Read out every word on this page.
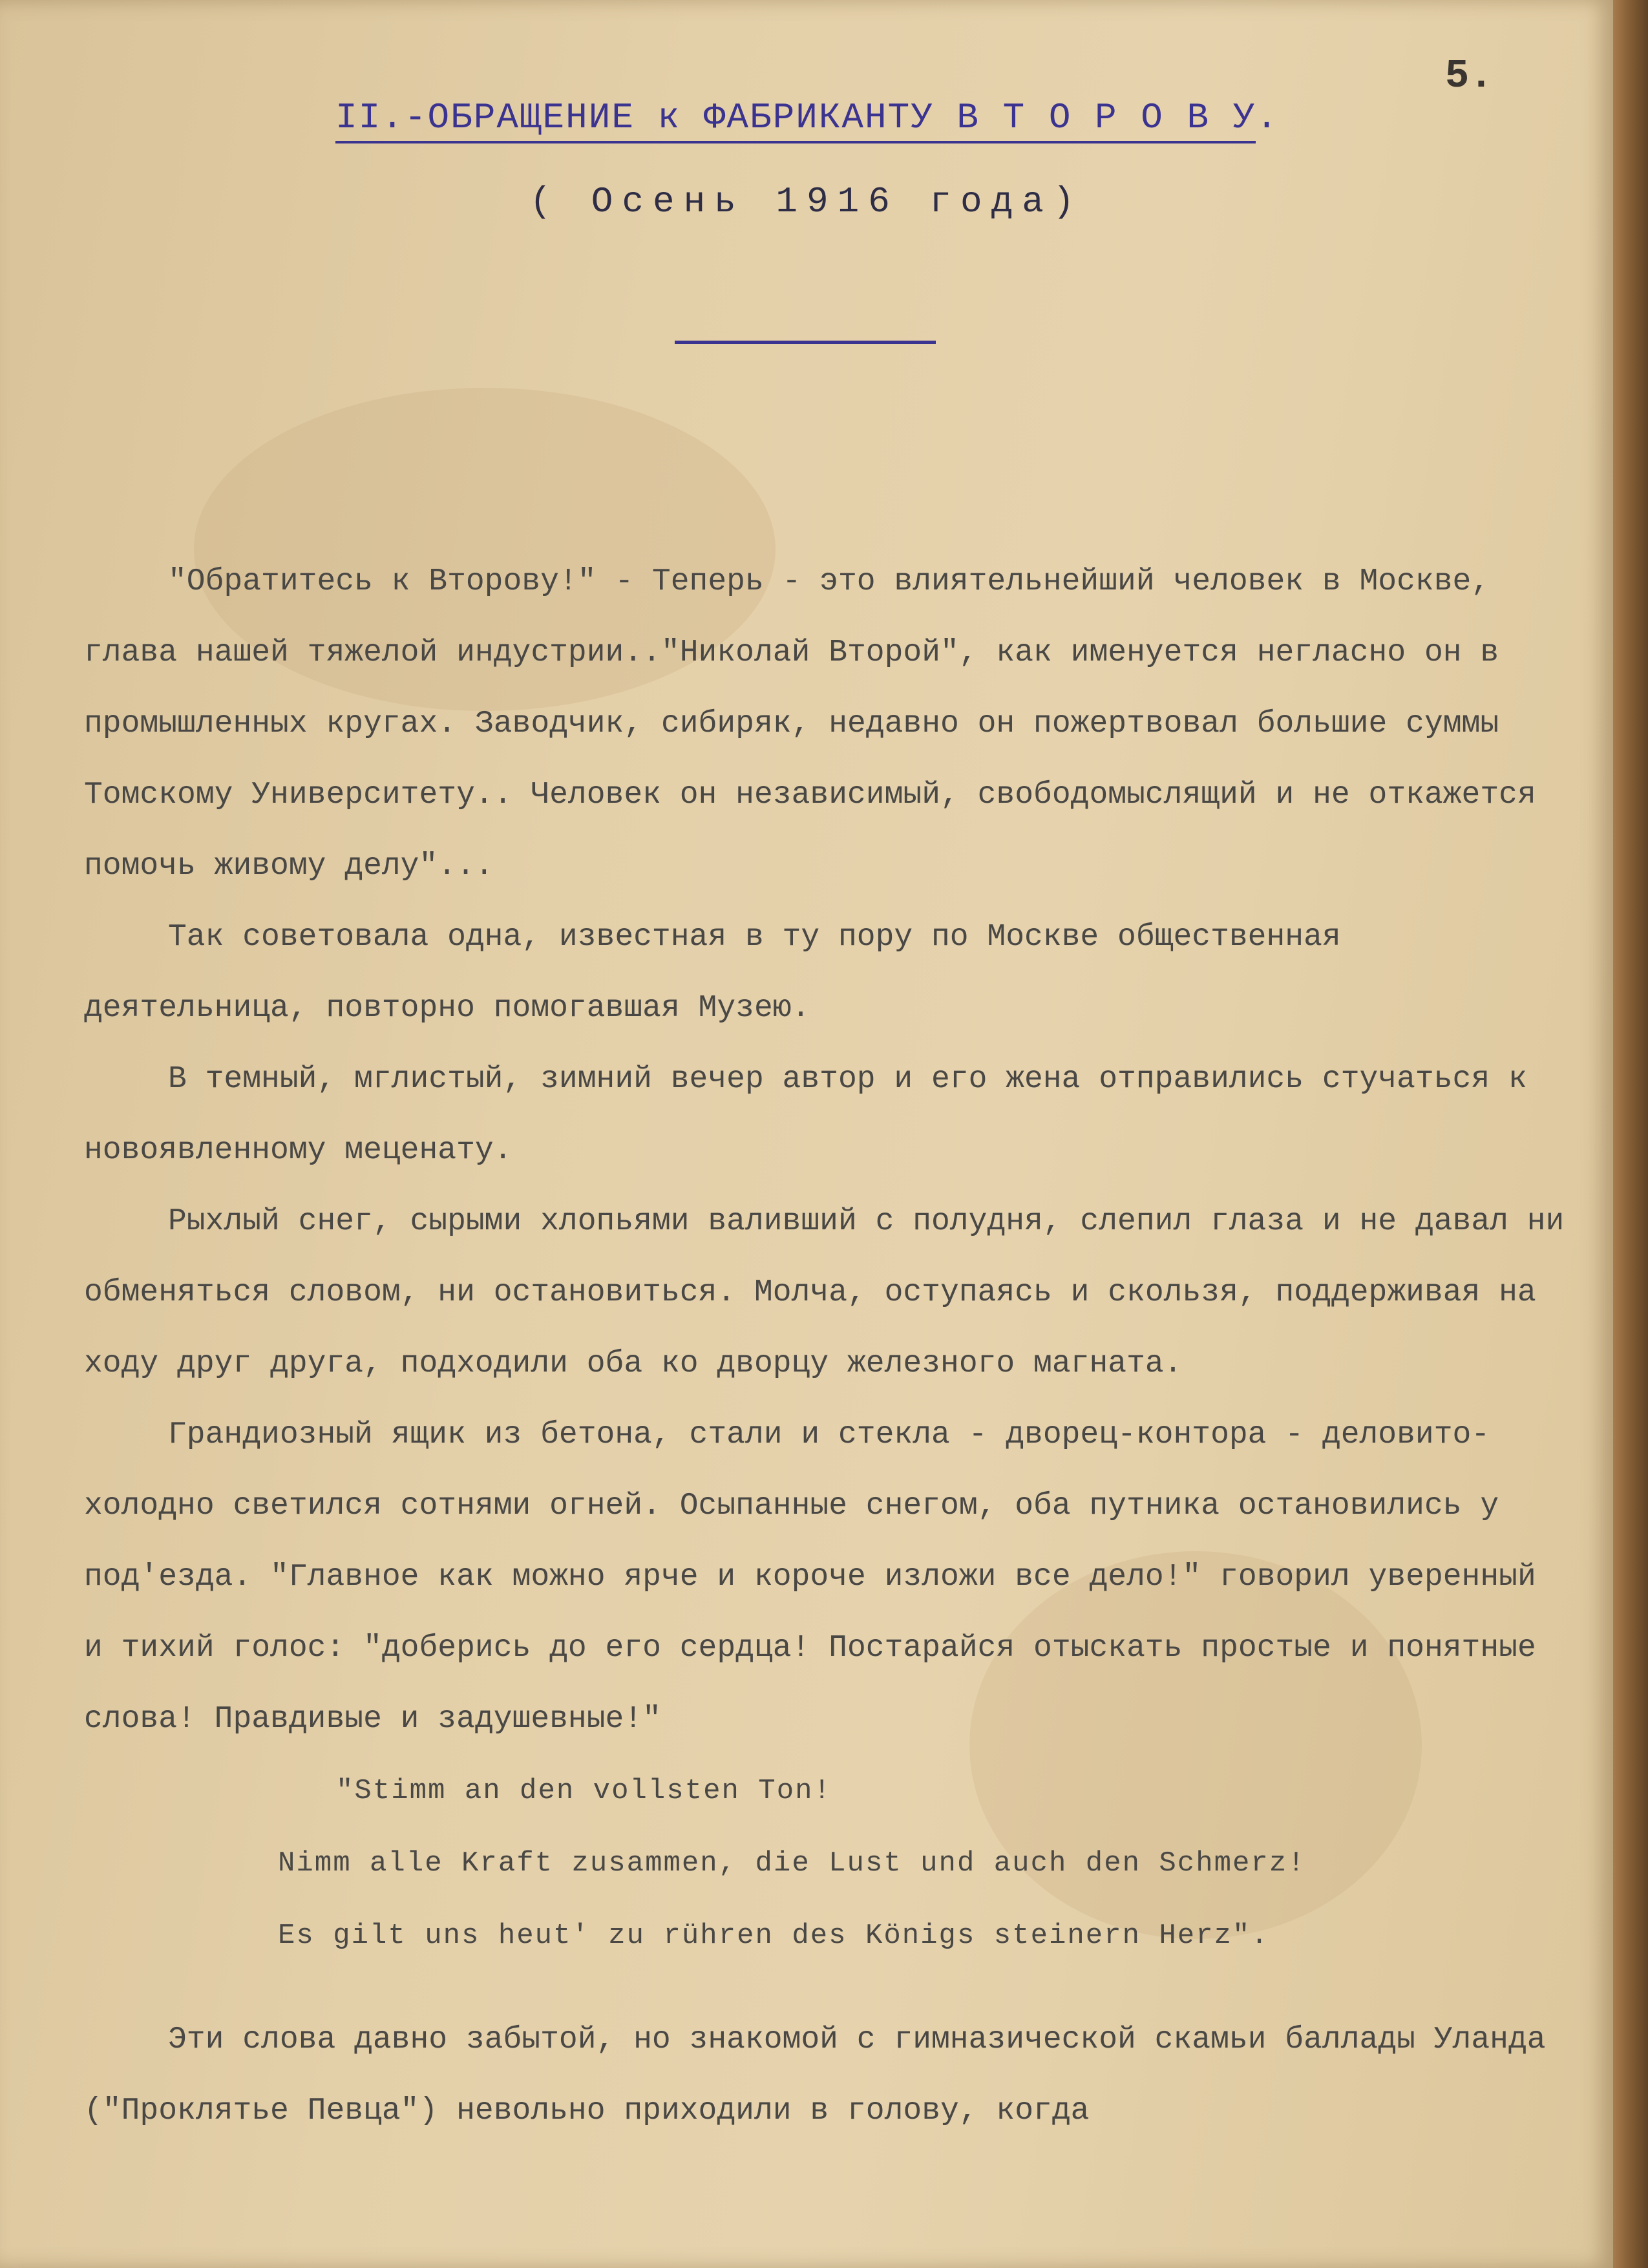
5.
II.-ОБРАЩЕНИЕ к ФАБРИКАНТУ В Т О Р О В У.
( Осень 1916 года)

"Обратитесь к Второву!" - Теперь - это влиятельнейший человек в Москве, глава нашей тяжелой индустрии.."Николай Второй", как именуется негласно он в промышленных кругах. Заводчик, сибиряк, недавно он пожертвовал большие суммы Томскому Университету.. Человек он независимый, свободомыслящий и не откажется помочь живому делу"...

Так советовала одна, известная в ту пору по Москве общественная деятельница, повторно помогавшая Музею.

В темный, мглистый, зимний вечер автор и его жена отправились стучаться к новоявленному меценату.

Рыхлый снег, сырыми хлопьями валивший с полудня, слепил глаза и не давал ни обменяться словом, ни остановиться. Молча, оступаясь и скользя, поддерживая на ходу друг друга, подходили оба ко дворцу железного магната.

Грандиозный ящик из бетона, стали и стекла - дворец-контора - деловито-холодно светился сотнями огней. Осыпанные снегом, оба путника остановились у под'езда. "Главное как можно ярче и короче изложи все дело!" говорил уверенный и тихий голос: "доберись до его сердца! Постарайся отыскать простые и понятные слова! Правдивые и задушевные!"

"Stimm an den vollsten Ton!
Nimm alle Kraft zusammen, die Lust und auch den Schmerz!
Es gilt uns heut' zu rühren des Königs steinern Herz".

Эти слова давно забытой, но знакомой с гимназической скамьи баллады Уланда ("Проклятье Певца") невольно приходили в голову, когда
